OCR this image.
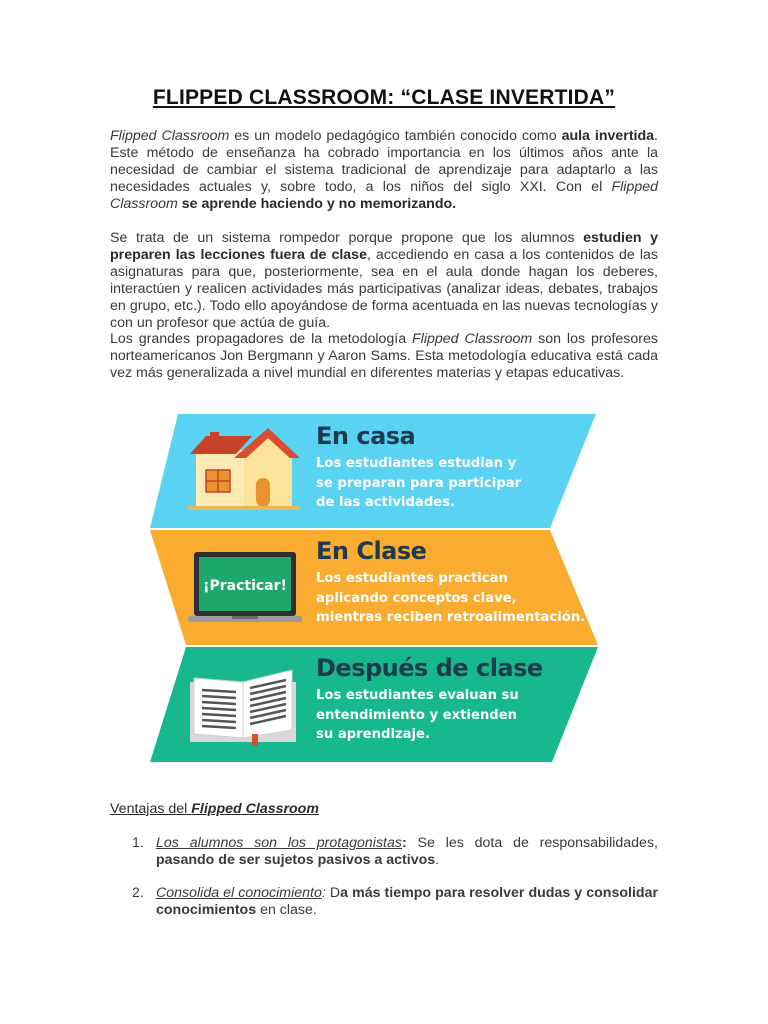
FLIPPED CLASSROOM: “CLASE INVERTIDA”

Flipped Classroom es un modelo pedagógico también conocido como aula invertida. Este método de enseñanza ha cobrado importancia en los últimos años ante la necesidad de cambiar el sistema tradicional de aprendizaje para adaptarlo a las necesidades actuales y, sobre todo, a los niños del siglo XXI. Con el Flipped Classroom se aprende haciendo y no memorizando.

Se trata de un sistema rompedor porque propone que los alumnos estudien y preparen las lecciones fuera de clase, accediendo en casa a los contenidos de las asignaturas para que, posteriormente, sea en el aula donde hagan los deberes, interactúen y realicen actividades más participativas (analizar ideas, debates, trabajos en grupo, etc.). Todo ello apoyándose de forma acentuada en las nuevas tecnologías y con un profesor que actúa de guía.

Los grandes propagadores de la metodología Flipped Classroom son los profesores norteamericanos Jon Bergmann y Aaron Sams. Esta metodología educativa está cada vez más generalizada a nivel mundial en diferentes materias y etapas educativas.

¡Practicar!
En casa
Los estudiantes estudian y
se preparan para participar
de las actividades.
En Clase
Los estudiantes practican
aplicando conceptos clave,
mientras reciben retroalimentación.
Después de clase
Los estudiantes evaluan su
entendimiento y extienden
su aprendizaje.

Ventajas del Flipped Classroom

1. Los alumnos son los protagonistas: Se les dota de responsabilidades, pasando de ser sujetos pasivos a activos.
2. Consolida el conocimiento: Da más tiempo para resolver dudas y consolidar conocimientos en clase.
